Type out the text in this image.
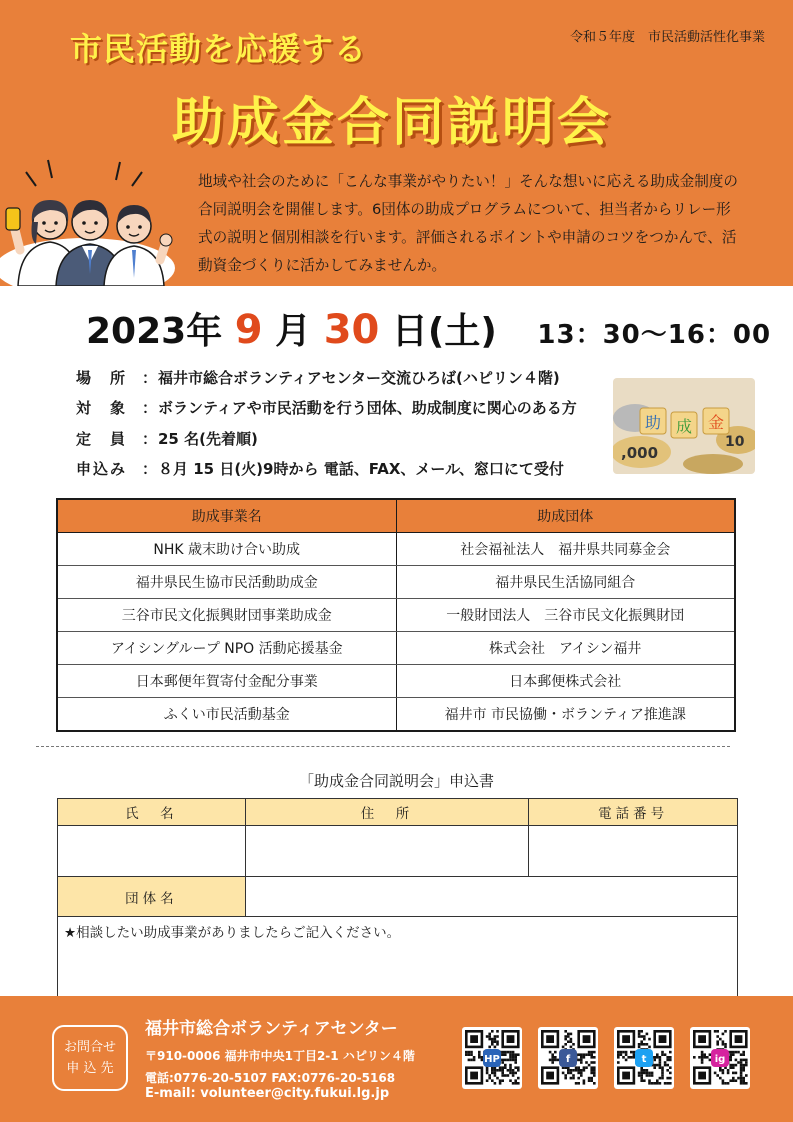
令和５年度　市民活動活性化事業
市民活動を応援する
助成金合同説明会
地域や社会のために「こんな事業がやりたい！」そんな想いに応える助成金制度の
合同説明会を開催します。6団体の助成プログラムについて、担当者からリレー形
式の説明と個別相談を行います。評価されるポイントや申請のコツをつかんで、活
動資金づくりに活かしてみませんか。
2023年 9 月 30 日(土) 13：30〜16：00
場　所 ： 福井市総合ボランティアセンター交流ひろば(ハピリン４階)
対　象 ： ボランティアや市民活動を行う団体、助成制度に関心のある方
定　員 ： 25 名(先着順)
申込み ： ８月 15 日(火)9時から 電話、FAX、メール、窓口にて受付
,000
10
助 成 金
助成事業名	助成団体
NHK 歳末助け合い助成	社会福祉法人　福井県共同募金会
福井県民生協市民活動助成金	福井県民生活協同組合
三谷市民文化振興財団事業助成金	一般財団法人　三谷市民文化振興財団
アイシングループ NPO 活動応援基金	株式会社　アイシン福井
日本郵便年賀寄付金配分事業	日本郵便株式会社
ふくい市民活動基金	福井市 市民協働・ボランティア推進課
「助成金合同説明会」申込書
氏　名	住　所	電話番号

団体名		
★相談したい助成事業がありましたらご記入ください。		
お問合せ
申 込 先
福井市総合ボランティアセンター
〒910-0006 福井市中央1丁目2-1 ハピリン４階
電話:0776-20-5107 FAX:0776-20-5168
E-mail: volunteer@city.fukui.lg.jp
HP	f	t	ig
